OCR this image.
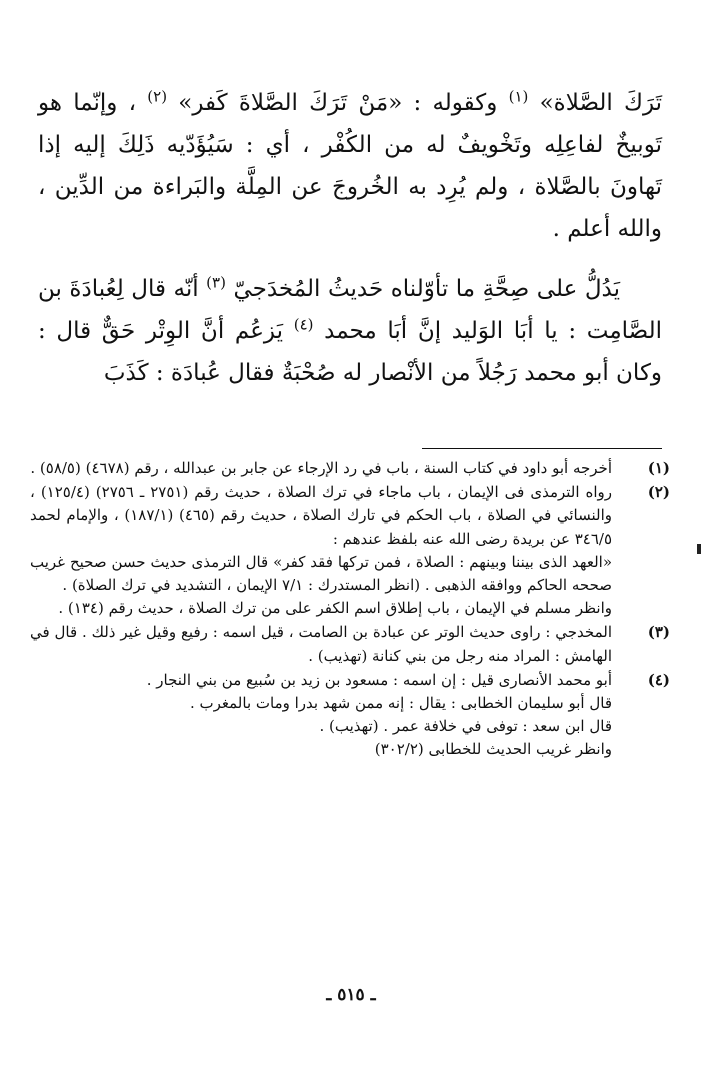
تَرَكَ الصَّلاة» $^{(١)}$ وكقوله : «مَنْ تَرَكَ الصَّلاةَ كَفر» $^{(٢)}$ ، وإنّما هو تَوبيخٌ لفاعِلِه وتَخْويفٌ له من الكُفْر ، أي : سَيُؤَدّيه ذَلِكَ إليه إذا تَهاونَ بالصَّلاة ، ولم يُرِد به الخُروجَ عن المِلَّة والبَراءة من الدِّين ، والله أعلم .

يَدُلُّ على صِحَّةِ ما تأوّلناه حَديثُ المُخدَجيّ $^{(٣)}$ أنّه قال لِعُبادَةَ بن الصَّامِت : يا أبَا الوَليد إنَّ أبَا محمد $^{(٤)}$ يَزعُم أنَّ الوِتْر حَقٌّ قال : وكان أبو محمد رَجُلاً من الأنْصار له صُحْبَةٌ فقال عُبادَة : كَذَبَ

(١)
أخرجه أبو داود في كتاب السنة ، باب في رد الإرجاء عن جابر بن عبدالله ، رقم (٤٦٧٨) (٥٨/٥) .
(٢)
رواه الترمذى فى الإيمان ، باب ماجاء في ترك الصلاة ، حديث رقم (٢٧٥١ ـ ٢٧٥٦) (١٢٥/٤) ، والنسائي في الصلاة ، باب الحكم في تارك الصلاة ، حديث رقم (٤٦٥) (١٨٧/١) ، والإمام لحمد ٣٤٦/٥ عن بريدة رضى الله عنه بلفظ عندهم :
«العهد الذى بيننا وبينهم : الصلاة ، فمن تركها فقد كفر» قال الترمذى حديث حسن صحيح غريب صححه الحاكم ووافقه الذهبى . (انظر المستدرك : ٧/١ الإيمان ، التشديد في ترك الصلاة) .
وانظر مسلم في الإيمان ، باب إطلاق اسم الكفر على من ترك الصلاة ، حديث رقم (١٣٤) .
(٣)
المخدجي : راوى حديث الوتر عن عبادة بن الصامت ، قيل اسمه : رفيع وقيل غير ذلك . قال في الهامش : المراد منه رجل من بني كنانة (تهذيب) .
(٤)
أبو محمد الأنصارى قيل : إن اسمه : مسعود بن زيد بن سُبيع من بني النجار .
قال أبو سليمان الخطابى : يقال : إنه ممن شهد بدرا ومات بالمغرب .
قال ابن سعد : توفى في خلافة عمر . (تهذيب) .
وانظر غريب الحديث للخطابى (٣٠٢/٢)
ـ ٥١٥ ـ
